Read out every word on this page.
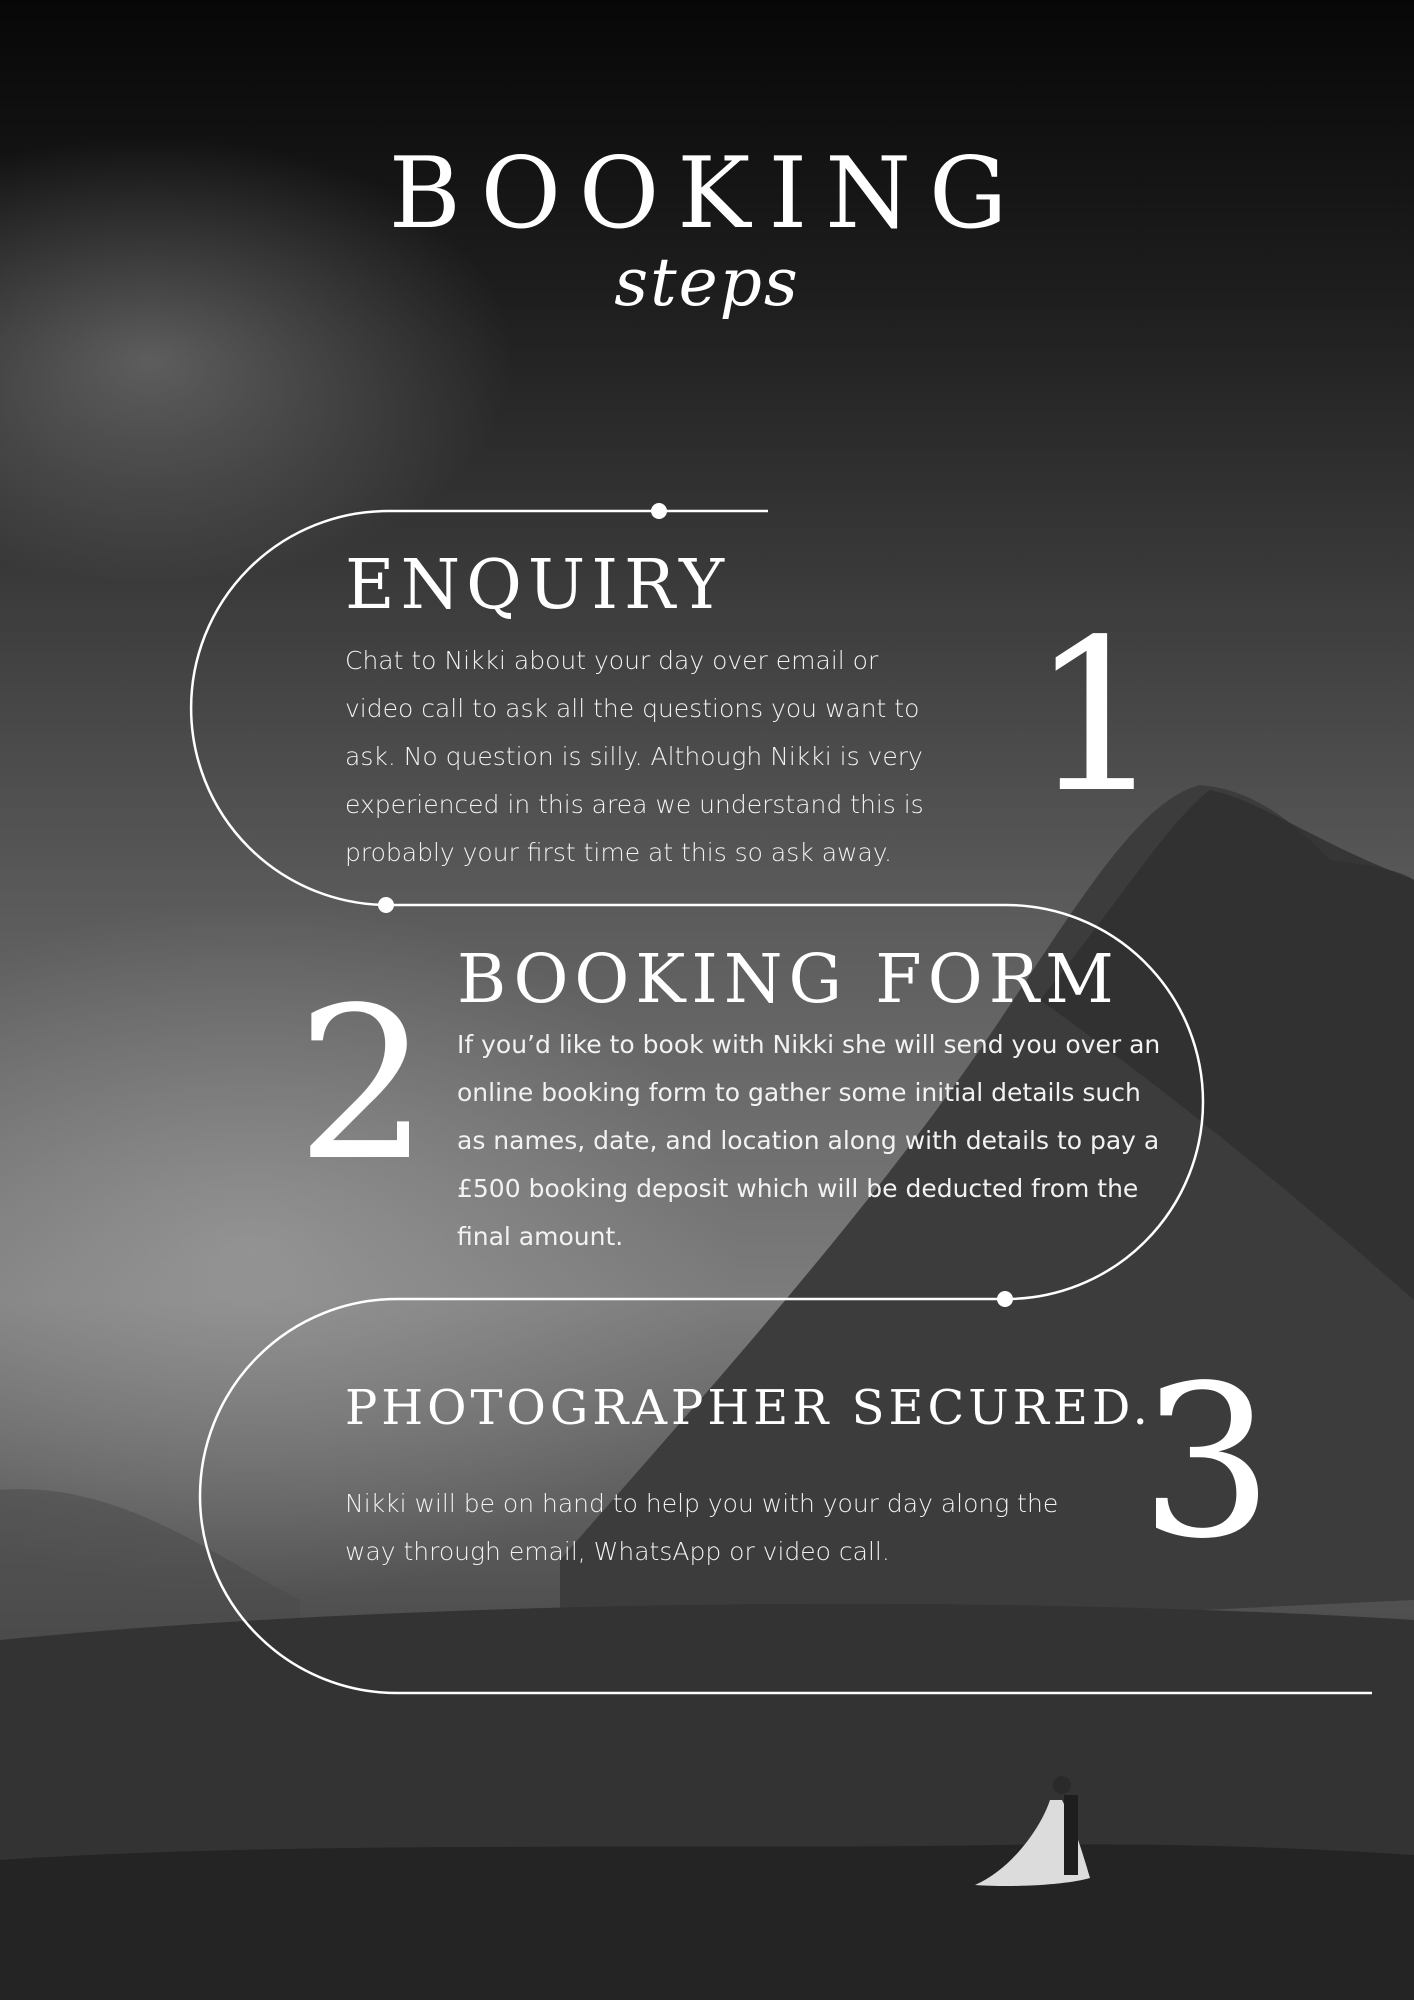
BOOKING
steps
ENQUIRY
Chat to Nikki about your day over email or video call to ask all the questions you want to ask. No question is silly. Although Nikki is very experienced in this area we understand this is probably your first time at this so ask away.
1
BOOKING FORM
If you’d like to book with Nikki she will send you over an online booking form to gather some initial details such as names, date, and location along with details to pay a £500 booking deposit which will be deducted from the final amount.
2
PHOTOGRAPHER SECURED.
Nikki will be on hand to help you with your day along the way through email, WhatsApp or video call.	3
